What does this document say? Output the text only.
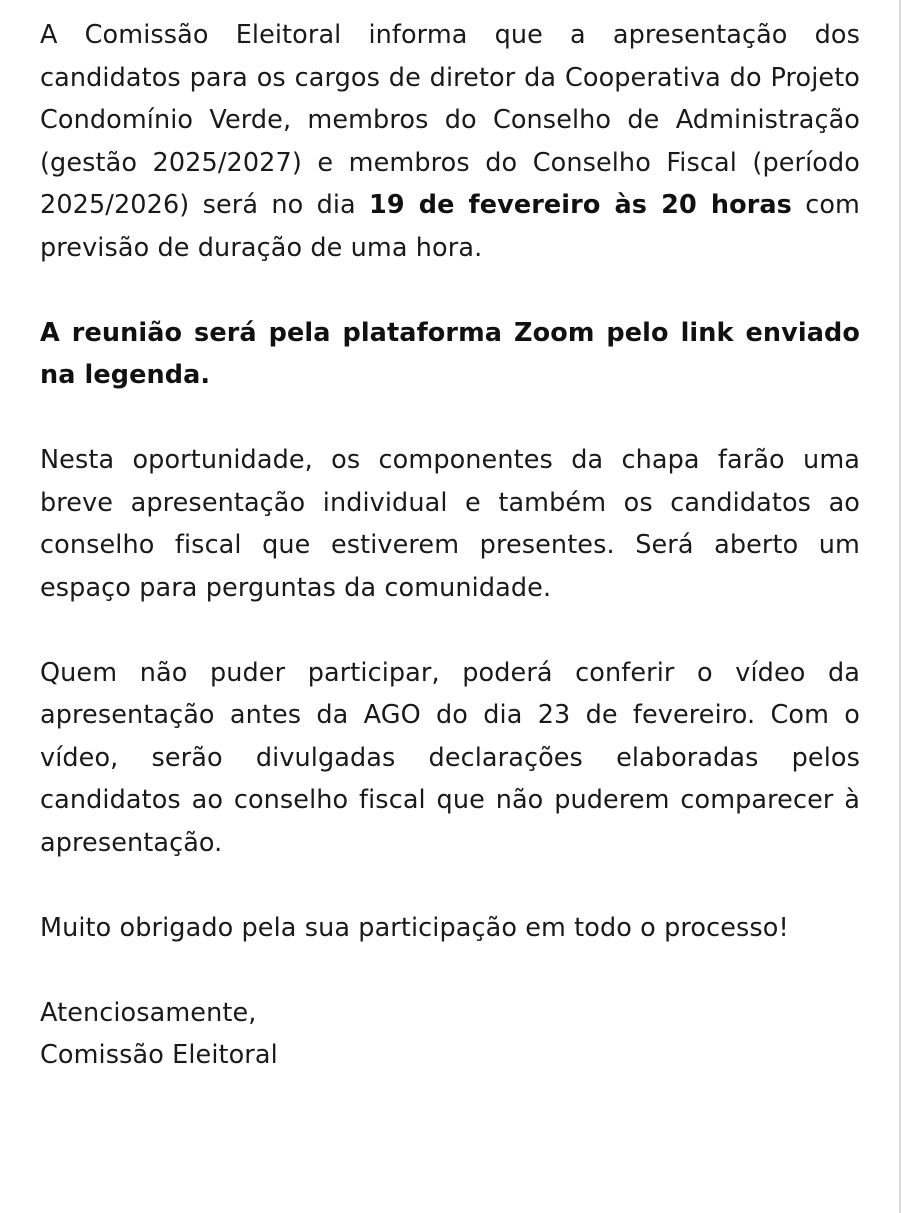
A Comissão Eleitoral informa que a apresentação dos candidatos para os cargos de diretor da Cooperativa do Projeto Condomínio Verde, membros do Conselho de Administração (gestão 2025/2027) e membros do Conselho Fiscal (período 2025/2026) será no dia 19 de fevereiro às 20 horas com previsão de duração de uma hora.

A reunião será pela plataforma Zoom pelo link enviado na legenda.

Nesta oportunidade, os componentes da chapa farão uma breve apresentação individual e também os candidatos ao conselho fiscal que estiverem presentes. Será aberto um espaço para perguntas da comunidade.

Quem não puder participar, poderá conferir o vídeo da apresentação antes da AGO do dia 23 de fevereiro. Com o vídeo, serão divulgadas declarações elaboradas pelos candidatos ao conselho fiscal que não puderem comparecer à apresentação.

Muito obrigado pela sua participação em todo o processo!

Atenciosamente,

Comissão Eleitoral
